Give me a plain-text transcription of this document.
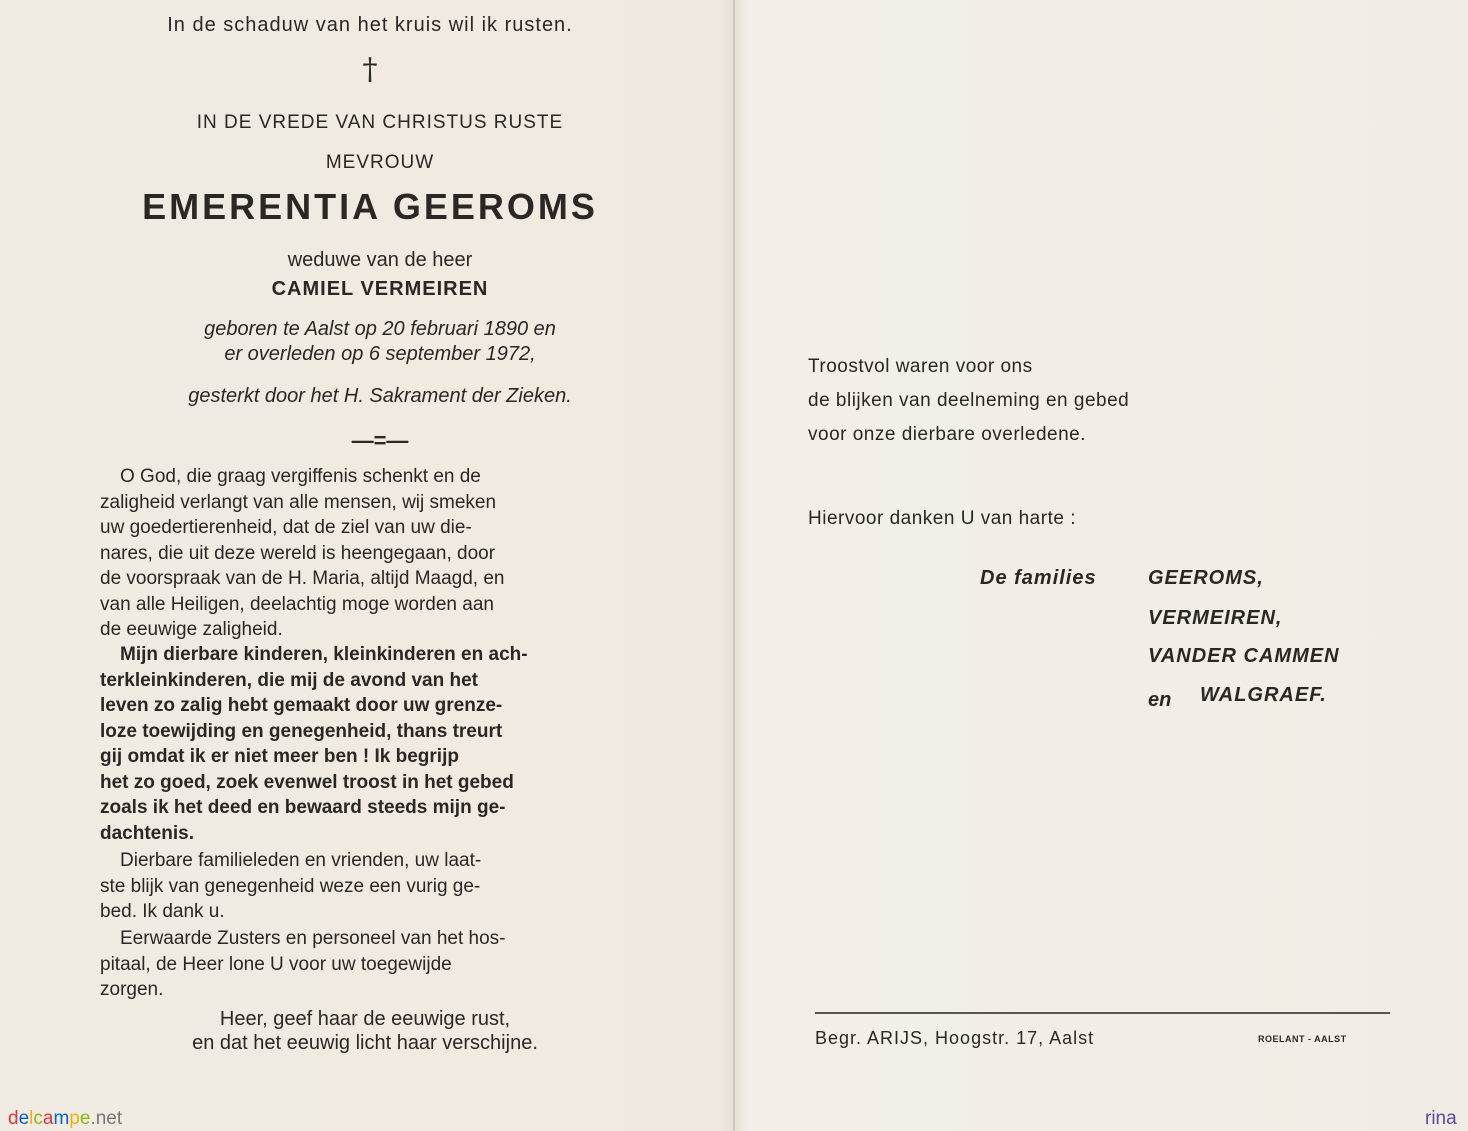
In de schaduw van het kruis wil ik rusten.
†
IN DE VREDE VAN CHRISTUS RUSTE
MEVROUW
EMERENTIA GEEROMS
weduwe van de heer
CAMIEL VERMEIREN
geboren te Aalst op 20 februari 1890 en
er overleden op 6 september 1972,
gesterkt door het H. Sakrament der Zieken.
—=—

O God, die graag vergiffenis schenkt en de

zaligheid verlangt van alle mensen, wij smeken

uw goedertierenheid, dat de ziel van uw die-

nares, die uit deze wereld is heengegaan, door

de voorspraak van de H. Maria, altijd Maagd, en

van alle Heiligen, deelachtig moge worden aan

de eeuwige zaligheid.

Mijn dierbare kinderen, kleinkinderen en ach-

terkleinkinderen, die mij de avond van het

leven zo zalig hebt gemaakt door uw grenze-

loze toewijding en genegenheid, thans treurt

gij omdat ik er niet meer ben ! Ik begrijp

het zo goed, zoek evenwel troost in het gebed

zoals ik het deed en bewaard steeds mijn ge-

dachtenis.

Dierbare familieleden en vrienden, uw laat-

ste blijk van genegenheid weze een vurig ge-

bed. Ik dank u.

Eerwaarde Zusters en personeel van het hos-

pitaal, de Heer lone U voor uw toegewijde

zorgen.

Heer, geef haar de eeuwige rust,
en dat het eeuwig licht haar verschijne.
Troostvol waren voor ons
de blijken van deelneming en gebed
voor onze dierbare overledene.
Hiervoor danken U van harte :
De families	GEEROMS,
VERMEIREN,
VANDER CAMMEN
en WALGRAEF.
Begr. ARIJS, Hoogstr. 17, Aalst	ROELANT - AALST
delcampe.net	rina
